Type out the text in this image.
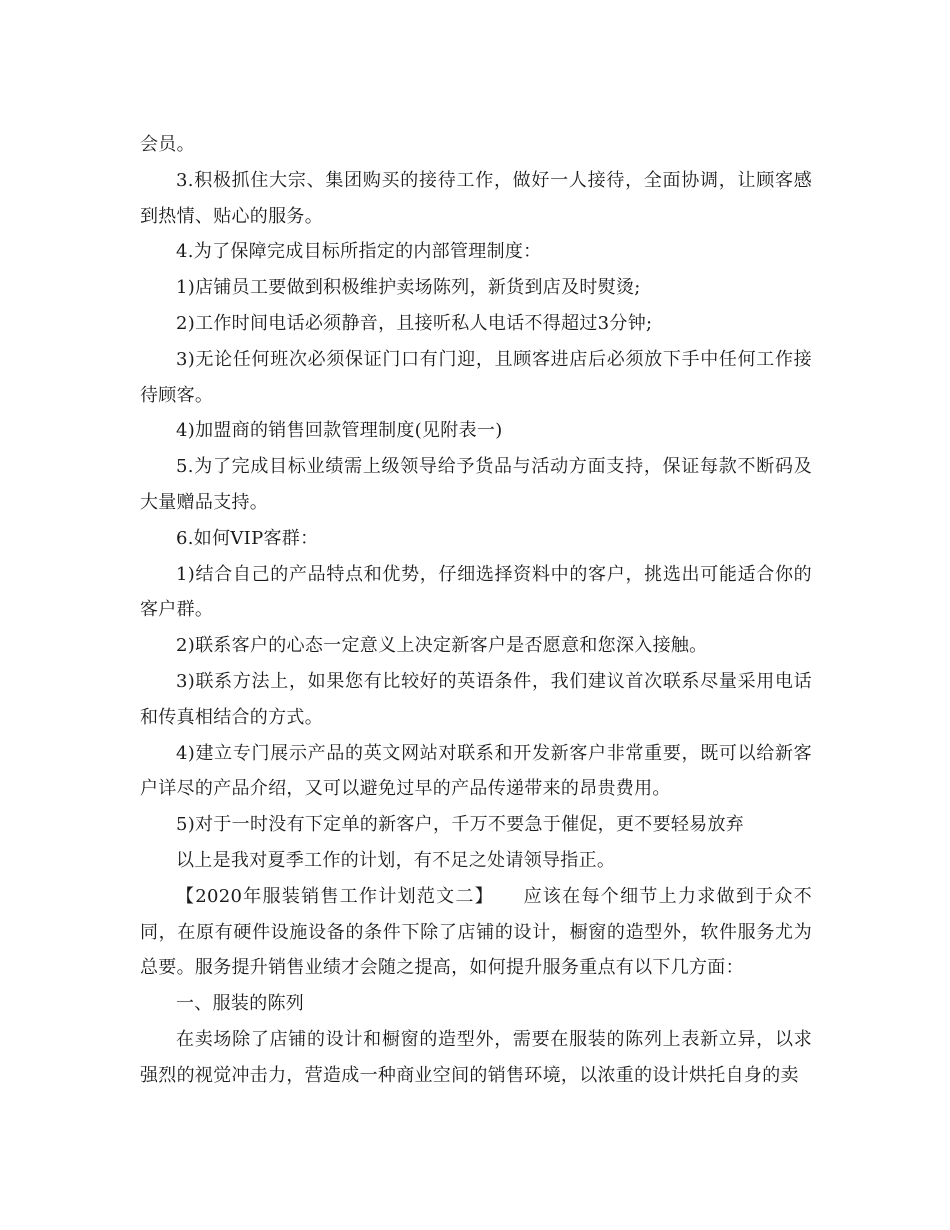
会员。

3.积极抓住大宗、集团购买的接待工作，做好一人接待，全面协调，让顾客感到热情、贴心的服务。

4.为了保障完成目标所指定的内部管理制度：

1)店铺员工要做到积极维护卖场陈列，新货到店及时熨烫;

2)工作时间电话必须静音，且接听私人电话不得超过3分钟;

3)无论任何班次必须保证门口有门迎，且顾客进店后必须放下手中任何工作接待顾客。

4)加盟商的销售回款管理制度(见附表一)

5.为了完成目标业绩需上级领导给予货品与活动方面支持，保证每款不断码及大量赠品支持。

6.如何VIP客群：

1)结合自己的产品特点和优势，仔细选择资料中的客户，挑选出可能适合你的客户群。

2)联系客户的心态一定意义上决定新客户是否愿意和您深入接触。

3)联系方法上，如果您有比较好的英语条件，我们建议首次联系尽量采用电话和传真相结合的方式。

4)建立专门展示产品的英文网站对联系和开发新客户非常重要，既可以给新客户详尽的产品介绍，又可以避免过早的产品传递带来的昂贵费用。

5)对于一时没有下定单的新客户，千万不要急于催促，更不要轻易放弃

以上是我对夏季工作的计划，有不足之处请领导指正。

【2020年服装销售工作计划范文二】　　应该在每个细节上力求做到于众不同，在原有硬件设施设备的条件下除了店铺的设计，橱窗的造型外，软件服务尤为总要。服务提升销售业绩才会随之提高，如何提升服务重点有以下几方面：

一、服装的陈列

在卖场除了店铺的设计和橱窗的造型外，需要在服装的陈列上表新立异，以求强烈的视觉冲击力，营造成一种商业空间的销售环境，以浓重的设计烘托自身的卖
